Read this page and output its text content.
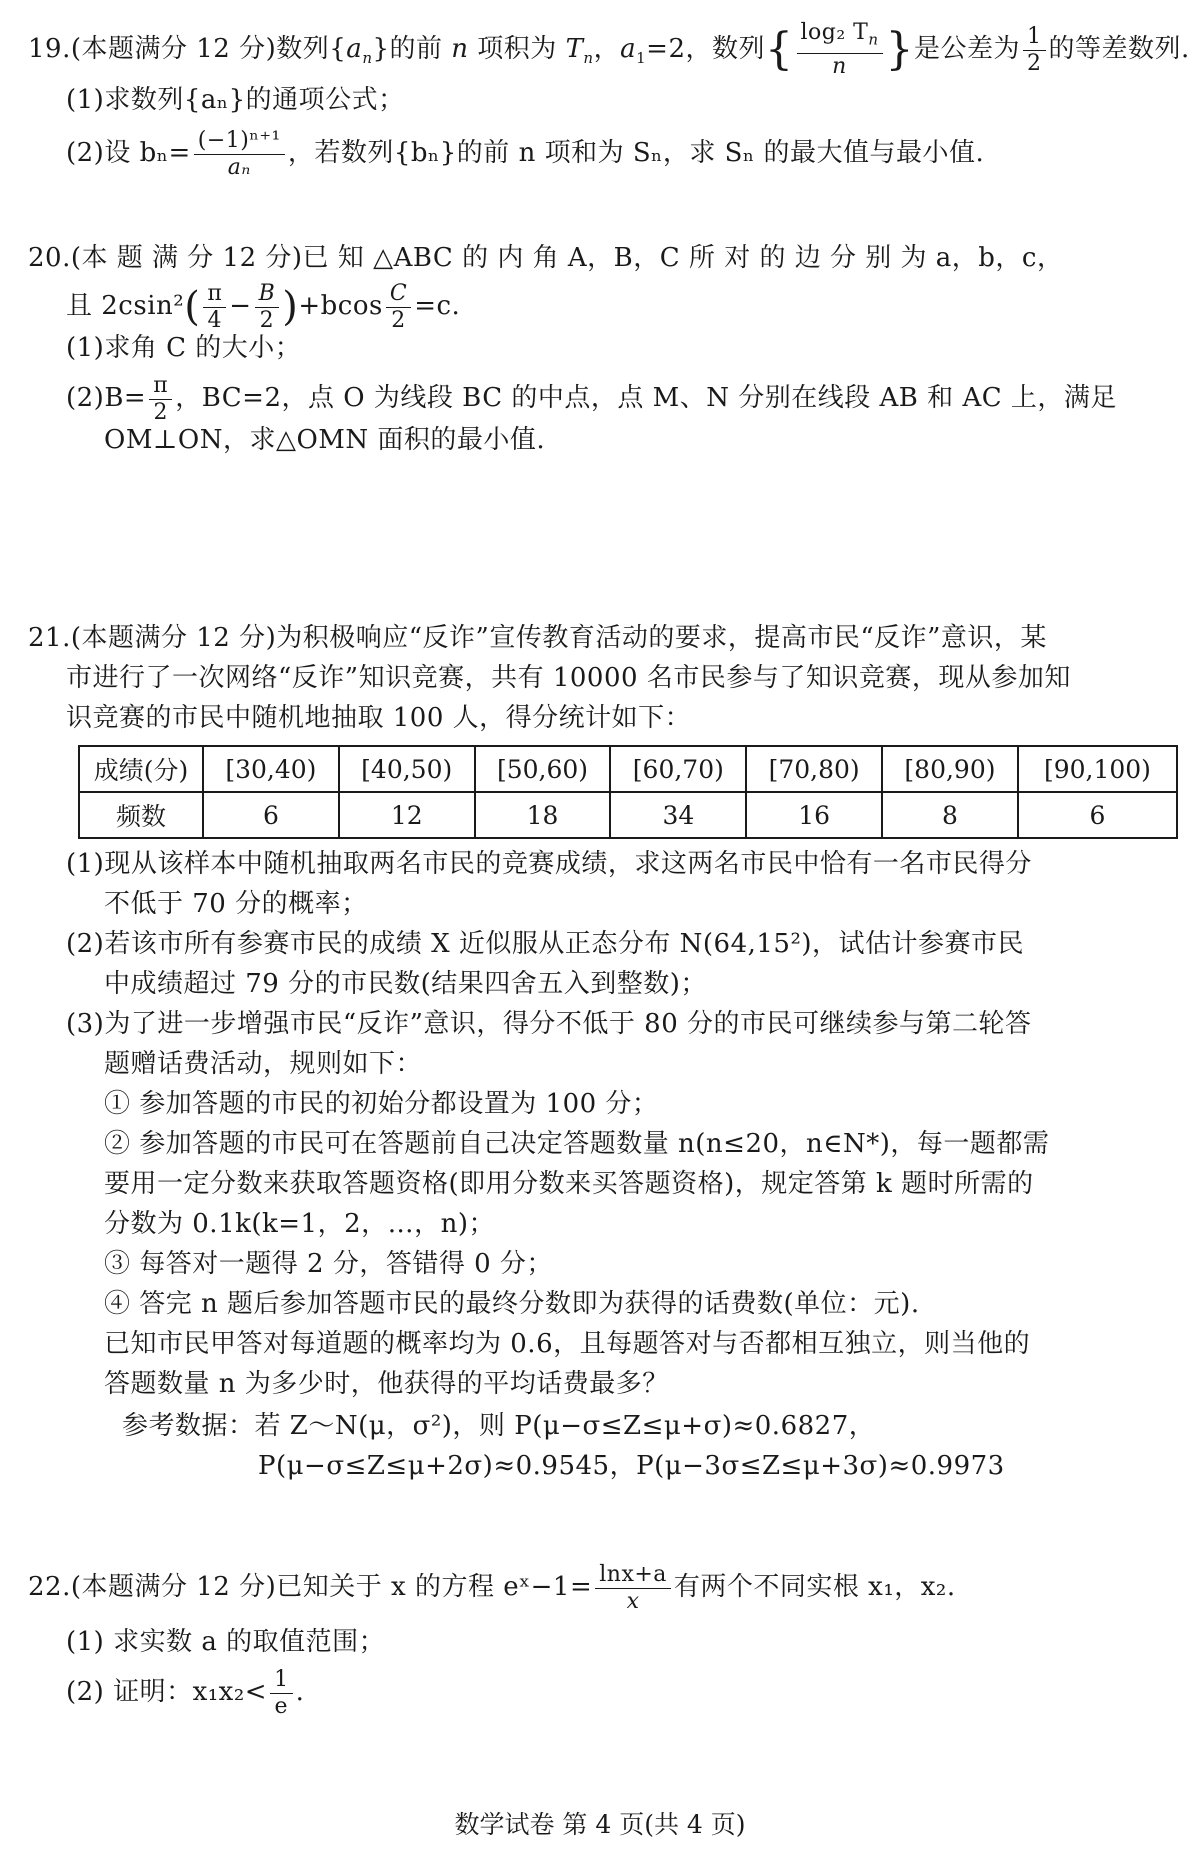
19.(本题满分 12 分)数列$\{a_n\}$的前 n 项积为 $T_n$，$a_1=2$，数列{ $\frac{\log_2 T_n}{n}$ }是公差为 $\frac{1}{2}$ 的等差数列.
(1)求数列{aₙ}的通项公式；
(2)设 $b_n= \frac{\text{(−1)ⁿ⁺¹}}{\text{aₙ}}$ ，若数列{bₙ}的前 n 项和为 Sₙ，求 Sₙ 的最大值与最小值.
20.(本 题 满 分 12 分)已 知 △ABC 的 内 角 A，B，C 所 对 的 边 分 别 为 a，b，c，
且 $2csin^2( \frac{\pi}{4} - \frac{B}{2} )+bcos \frac{C}{2} =c$.
(1)求角 C 的大小；
$(2)B= \frac{\pi}{2}$ ，BC=2，点 O 为线段 BC 的中点，点 M、N 分别在线段 AB 和 AC 上，满足
OM⊥ON，求△OMN 面积的最小值.
21.(本题满分 12 分)为积极响应“反诈”宣传教育活动的要求，提高市民“反诈”意识，某
市进行了一次网络“反诈”知识竞赛，共有 10000 名市民参与了知识竞赛，现从参加知
识竞赛的市民中随机地抽取 100 人，得分统计如下：
成绩(分)	[30,40)	[40,50)	[50,60)	[60,70)	[70,80)	[80,90)	[90,100)
频数	6	12	18	34	16	8	6
(1)现从该样本中随机抽取两名市民的竞赛成绩，求这两名市民中恰有一名市民得分
不低于 70 分的概率；
(2)若该市所有参赛市民的成绩 X 近似服从正态分布 N(64,15²)，试估计参赛市民
中成绩超过 79 分的市民数(结果四舍五入到整数)；
(3)为了进一步增强市民“反诈”意识，得分不低于 80 分的市民可继续参与第二轮答
题赠话费活动，规则如下：
① 参加答题的市民的初始分都设置为 100 分；
② 参加答题的市民可在答题前自己决定答题数量 n(n≤20，n∈N*)，每一题都需
要用一定分数来获取答题资格(即用分数来买答题资格)，规定答第 k 题时所需的
分数为 0.1k(k=1，2，…，n)；
③ 每答对一题得 2 分，答错得 0 分；
④ 答完 n 题后参加答题市民的最终分数即为获得的话费数(单位：元).
已知市民甲答对每道题的概率均为 0.6，且每题答对与否都相互独立，则当他的
答题数量 n 为多少时，他获得的平均话费最多？
参考数据：若 Z～N(μ，σ²)，则 P(μ−σ≤Z≤μ+σ)≈0.6827，
P(μ−σ≤Z≤μ+2σ)≈0.9545，P(μ−3σ≤Z≤μ+3σ)≈0.9973
22.(本题满分 12 分)已知关于 x 的方程 eˣ−1= $\frac{\ln x+a}{x}$ 有两个不同实根 x₁，x₂.
(1) 求实数 a 的取值范围；
(2) 证明：$x_1x_2< \frac{1}{e}$ .
数学试卷 第 4 页(共 4 页)
